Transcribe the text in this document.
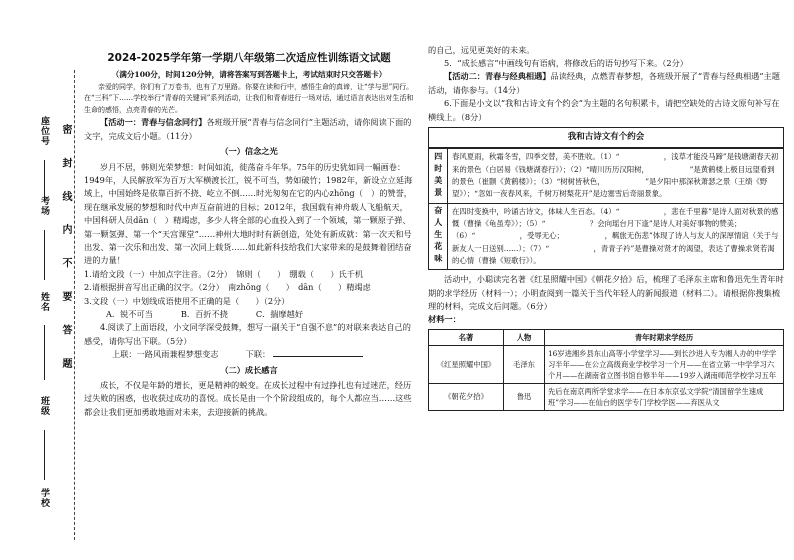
座位号
考场
姓名
班级
学校
密 封 线 内 不 要 答 题
2024-2025学年第一学期八年级第二次适应性训练语文试题

（满分100分，时间120分钟，请将答案写到答题卡上，考试结束时只交答题卡）

亲爱的同学，你们有了万卷书，也有了万里路。你要在读和行中，感悟生命的真谛，让“学与思”同行。在“三科”下……学校举行“青春的关键词”系列活动，让我们和青春进行一场对话，通过语言表达出对生活和生命的感悟，点亮青春的光芒。

【活动一：青春与信念同行】各班级开展“青春与信念同行”主题活动，请你阅读下面的文字，完成文后小题。（11分）

（一）信念之光

岁月不居，韩则光荣梦想：时间如流，徙荡奋斗年华。75年的历史犹如同一幅画卷：1949年，人民解放军为百万大军横渡长江，锐不可当，势如破竹；1982年，新设立立延海域上，中国始终是依靠百折不挠、屹立不倒……时光匆匆在它的内心zhōng（　）的赞誉，现在继承发展的梦想和时代中声互奋前进的目标；2012年，我国载有神舟载人飞船航天，中国科研人员dān（　）精竭虑，多少人将全部的心血投入到了一个领域，第一颗原子弹、第一颗氢弹、第一个“天宫课堂”……神州大地时时有新创造，处处有新成就：第一次天和号出发、第一次乐和出发、第一次同上载货……如此新科技给我们大家带来的是鼓舞着团结奋进的力量！

1.请给文段（一）中加点字注音。（2分）　锦则（　　）　绷载（　　）氏千机

2.请根据拼音写出正确的汉字。（2分）　南zhōng（　　）　dān（　　）精竭虑

3.文段（一）中划线成语使用不正确的是（　　）（2分）

A．锐不可当	B．百折不挠	C．揣摩越好

4.阅读了上面语段，小文同学深受鼓舞，想写一副关于“自强不息”的对联来表达自己的感受，请你写出下联。（5分）

上联：一路风雨兼程梦想变志	下联：

（二）成长感言

成长，不仅是年龄的增长，更是精神的蜕变。在成长过程中有过挣扎也有过迷茫，经历过失败的困惑，也收获过成功的喜悦。成长是由一个个阶段组成的，每个人都应当……这些都会让我们更加勇敢地面对未来，去迎接新的挑战。

的自己，远见更美好的未来。

5．“成长感言”中画线句有语病，将修改后的语句抄写下来。（2分）

【活动二：青春与经典相遇】品读经典，点燃青春梦想，各班级开展了“青春与经典相遇”主题活动，请你参与。（14分）

6.下面是小文以“我和古诗文有个约会”为主题的名句积累卡，请把空缺处的古诗文原句补写在横线上。（8分）

我和古诗文有个约会
四时美景	春风夏雨，秋霜冬雪，四季交替，美不胜收。（1）“　　　　　　，浅草才能没马蹄”是钱塘湖春天初来的景色（白居易《钱塘湖春行》）；（2）“晴川历历汉阳树，　　　　　　”是黄鹤楼上极目远望看到的景色（崔颢《黄鹤楼》）；（3）“树树皆秋色，　　　　　　”是夕阳中那深秋萧瑟之景（王绩《野望》）；“忽如一夜春风来，千树万树梨花开”是边塞雪后奇丽景象。
奋人生花味	在四时变换中，吟诵古诗文，体味人生百态。（4）“　　　　　　，悲在千里暮”是诗人面对秋景的感慨（曹操《龟虽寿》）；（5）“　　　　　　？会向瑶台月下逢”是诗人对美好事物的赞美；（6）“　　　　　　，受辱无心；　　　　　　，羁旅无伤悲”体现了诗人与友人的深厚情谊（关于与新友人一日送别……）；（7）“　　　　　　，青青子衿”是曹操对贤才的渴望，表达了曹操求贤若渴的心情（曹操《短歌行》）。

活动中，小聪读完名著《红星照耀中国》《朝花夕拾》后，梳理了毛泽东主席和鲁迅先生青年时期的求学经历（材料一）；小明查阅到一篇关于当代年轻人的新闻报道（材料二）。请根据你搜集梳理的材料，完成文后问题。（6分）

材料一：

名著	人物	青年时期求学经历
《红星照耀中国》	毛泽东	16岁进湘乡县东山高等小学堂学习——到长沙进入专为湘人办的中学学习半年——在公立高级商业学校学习一个月——在省立第一中学学习六个月——在湖南省立图书馆自修半年——19岁入湖南师范学校学习五年
《朝花夕拾》	鲁迅	先后在南京两所学堂求学——在日本东京弘文学院“清国留学生速成班”学习——在仙台的医学专门学校学医——弃医从文
